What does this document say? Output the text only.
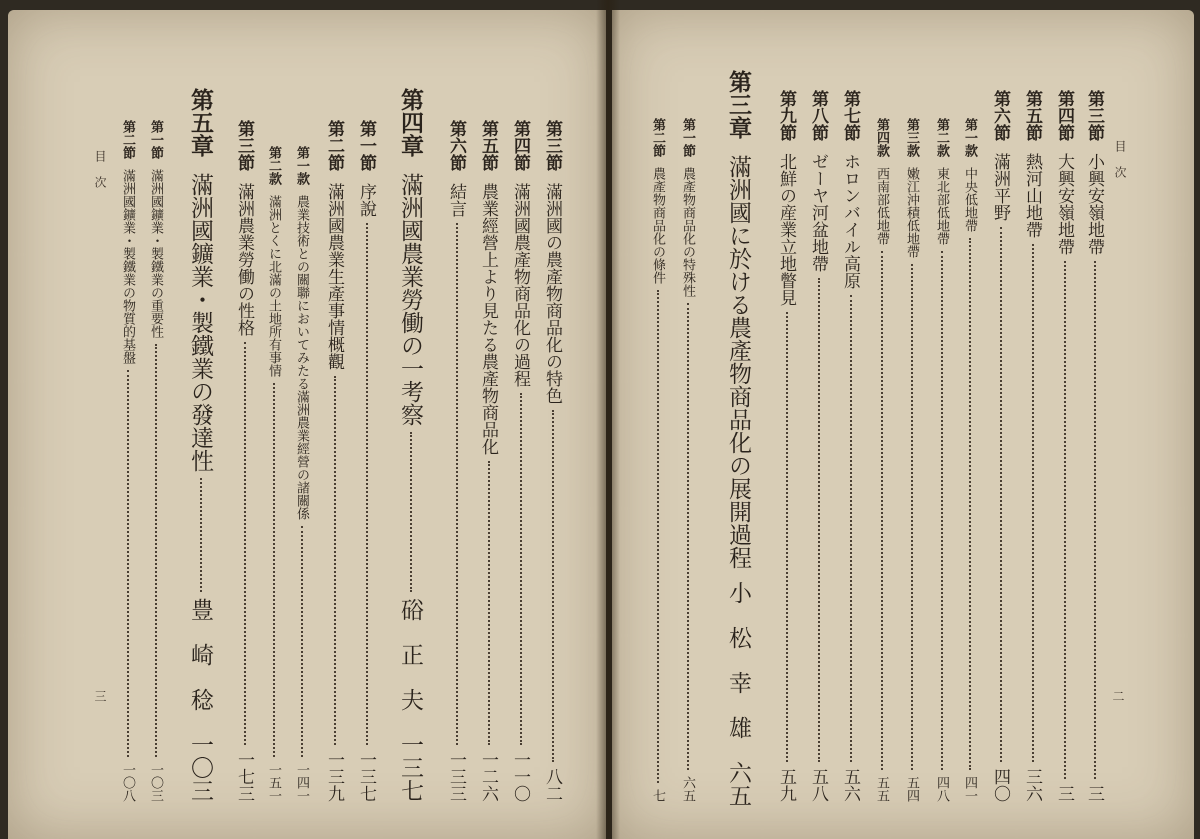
目次
二
第三節
小興安嶺地帶
三
第四節
大興安嶺地帶
三
第五節
熱河山地帶
三六
第六節
滿洲平野
四〇
第一款
中央低地帶
四一
第二款
東北部低地帶
四八
第三款
嫩江沖積低地帶
五四
第四款
西南部低地帶
五五
第七節
ホロンバイル高原
五六
第八節
ゼーヤ河盆地帶
五八
第九節
北鮮の産業立地瞥見
五九
第三章
滿洲國に於ける農產物商品化の展開過程
小松幸雄
六五
第一節
農產物商品化の特殊性
六五
第二節
農產物商品化の條件
七
第三節
滿洲國の農產物商品化の特色
八二
第四節
滿洲國農產物商品化の過程
一一〇
第五節
農業經營上より見たる農產物商品化
一二六
第六節
結言
一三三
第四章
滿洲國農業勞働の一考察
硲正夫
一三七
第一節
序說
一三七
第二節
滿洲國農業生產事情概觀
一三九
第一款
農業技術との關聯においてみたる滿洲農業經營の諸關係
一四一
第二款
滿洲とくに北滿の土地所有事情
一五一
第三節
滿洲農業勞働の性格
一七三
第五章
滿洲國鑛業・製鐵業の發達性
豊崎稔
一〇三
第一節
滿洲國鑛業・製鐵業の重要性
一〇三
第二節
滿洲國鑛業・製鐵業の物質的基盤
一〇八
目次
三
